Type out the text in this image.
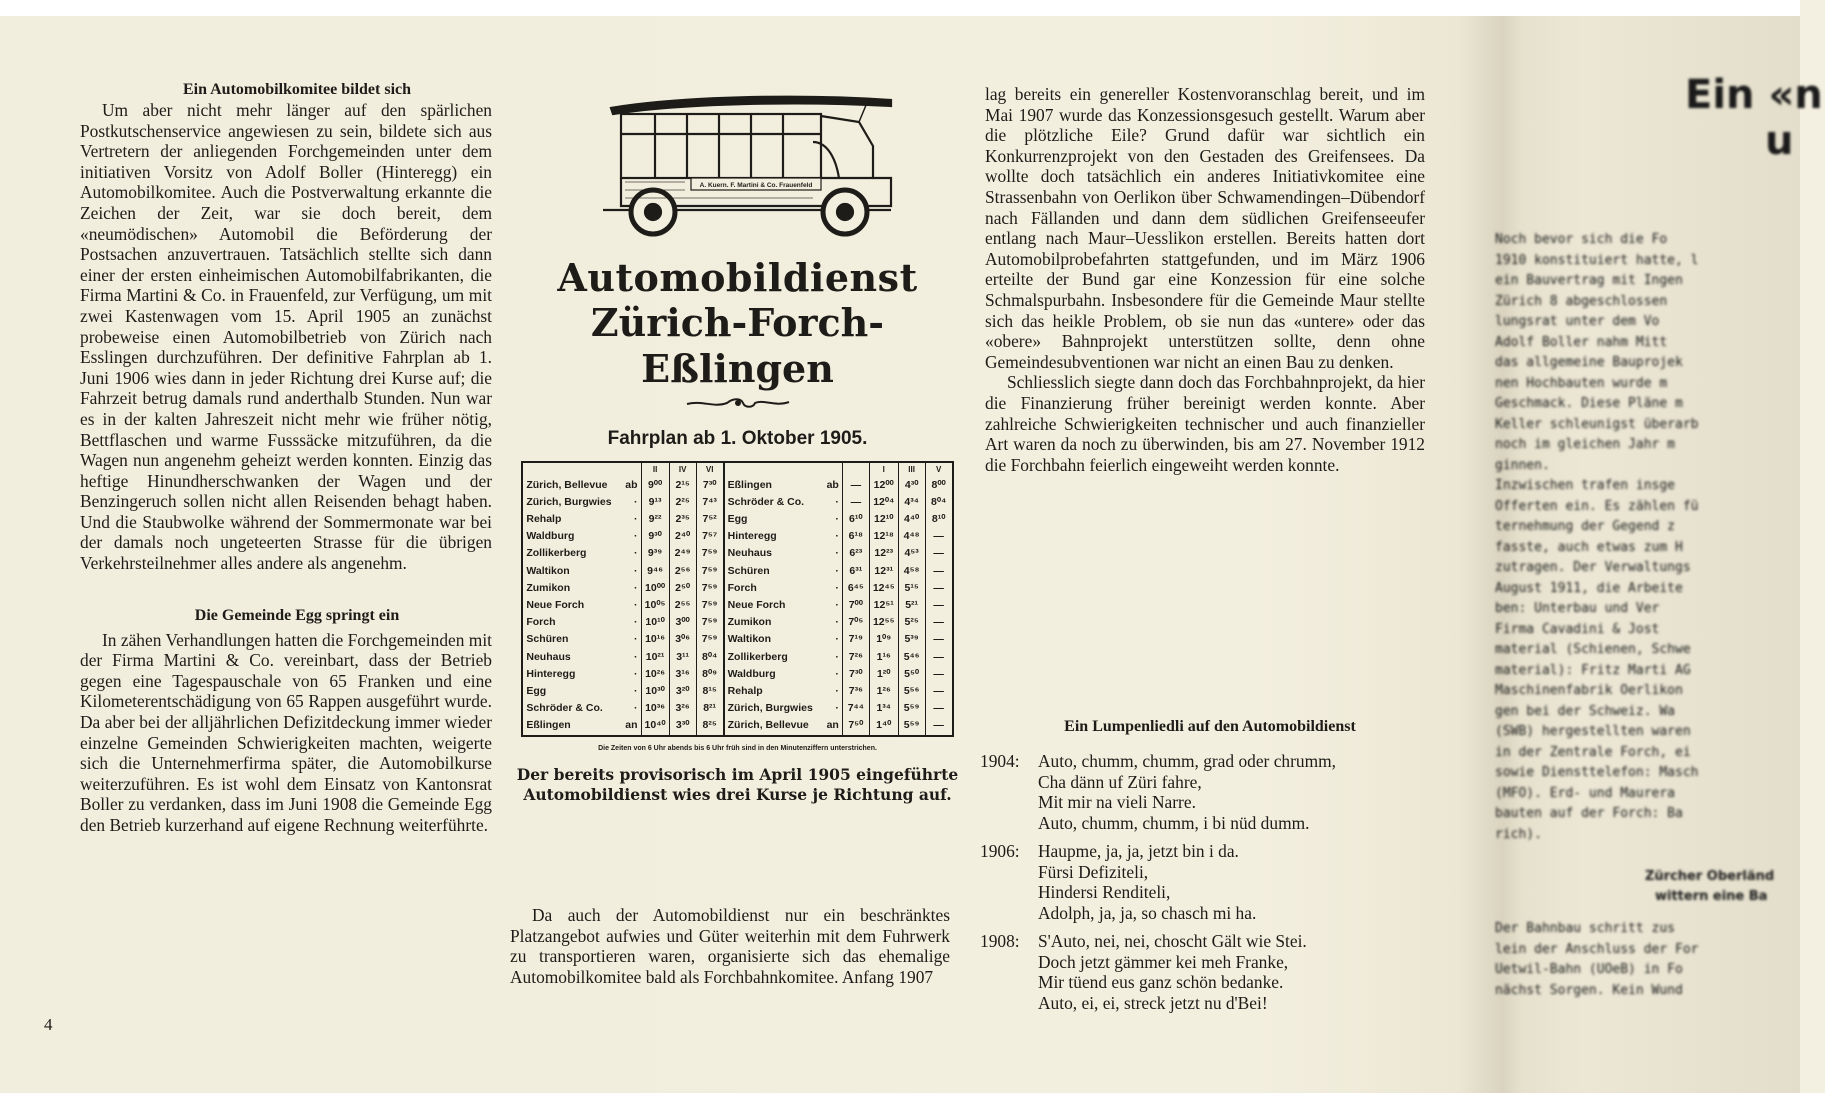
Ein Automobilkomitee bildet sich

Um aber nicht mehr länger auf den spärlichen Postkutschenservice angewiesen zu sein, bildete sich aus Vertretern der anliegenden Forchgemeinden unter dem initiativen Vorsitz von Adolf Boller (Hinteregg) ein Automobilkomitee. Auch die Postverwaltung erkannte die Zeichen der Zeit, war sie doch bereit, dem «neumödischen» Automobil die Beförderung der Postsachen anzuvertrauen. Tatsächlich stellte sich dann einer der ersten einheimischen Automobilfabrikanten, die Firma Martini & Co. in Frauenfeld, zur Verfügung, um mit zwei Kastenwagen vom 15. April 1905 an zunächst probeweise einen Automobilbetrieb von Zürich nach Esslingen durchzuführen. Der definitive Fahrplan ab 1. Juni 1906 wies dann in jeder Richtung drei Kurse auf; die Fahrzeit betrug damals rund anderthalb Stunden. Nun war es in der kalten Jahreszeit nicht mehr wie früher nötig, Bettflaschen und warme Fusssäcke mitzuführen, da die Wagen nun angenehm geheizt werden konnten. Einzig das heftige Hinundherschwanken der Wagen und der Benzingeruch sollen nicht allen Reisenden behagt haben. Und die Staubwolke während der Sommermonate war bei der damals noch ungeteerten Strasse für die übrigen Verkehrsteilnehmer alles andere als angenehm.

Die Gemeinde Egg springt ein

In zähen Verhandlungen hatten die Forchgemeinden mit der Firma Martini & Co. vereinbart, dass der Betrieb gegen eine Tagespauschale von 65 Franken und eine Kilometerentschädigung von 65 Rappen ausgeführt wurde. Da aber bei der alljährlichen Defizitdeckung immer wieder einzelne Gemeinden Schwierigkeiten machten, weigerte sich die Unternehmerfirma später, die Automobilkurse weiterzuführen. Es ist wohl dem Einsatz von Kantonsrat Boller zu verdanken, dass im Juni 1908 die Gemeinde Egg den Betrieb kurzerhand auf eigene Rechnung weiterführte.

4
A. Kuern. F. Martini & Co. Frauenfeld
Automobildienst
Zürich-Forch-Eßlingen
Fahrplan ab 1. Oktober 1905.
		II	IV	VI				I	III	V
Zürich, Bellevue	ab	9⁰⁰	2¹⁵	7³⁰	Eßlingen	ab	—	12⁰⁰	4³⁰	8⁰⁰
Zürich, Burgwies	·	9¹³	2²⁵	7⁴³	Schröder & Co.	·	—	12⁰⁴	4³⁴	8⁰⁴
Rehalp	·	9²²	2³⁵	7⁵²	Egg	·	6¹⁰	12¹⁰	4⁴⁰	8¹⁰
Waldburg	·	9³⁰	2⁴⁰	7⁵⁷	Hinteregg	·	6¹⁸	12¹⁸	4⁴⁸	—
Zollikerberg	·	9³⁹	2⁴⁹	7⁵⁹	Neuhaus	·	6²³	12²³	4⁵³	—
Waltikon	·	9⁴⁶	2⁵⁶	7⁵⁹	Schüren	·	6³¹	12³¹	4⁵⁸	—
Zumikon	·	10⁰⁰	2⁵⁰	7⁵⁹	Forch	·	6⁴⁵	12⁴⁵	5¹⁵	—
Neue Forch	·	10⁰⁵	2⁵⁵	7⁵⁹	Neue Forch	·	7⁰⁰	12⁵¹	5²¹	—
Forch	·	10¹⁰	3⁰⁰	7⁵⁹	Zumikon	·	7⁰⁵	12⁵⁵	5²⁵	—
Schüren	·	10¹⁶	3⁰⁶	7⁵⁹	Waltikon	·	7¹⁹	1⁰⁹	5³⁹	—
Neuhaus	·	10²¹	3¹¹	8⁰⁴	Zollikerberg	·	7²⁶	1¹⁶	5⁴⁶	—
Hinteregg	·	10²⁶	3¹⁶	8⁰⁹	Waldburg	·	7³⁰	1²⁰	5⁵⁰	—
Egg	·	10³⁰	3²⁰	8¹⁵	Rehalp	·	7³⁶	1²⁶	5⁵⁶	—
Schröder & Co.	·	10³⁶	3²⁶	8²¹	Zürich, Burgwies	·	7⁴⁴	1³⁴	5⁵⁹	—
Eßlingen	an	10⁴⁰	3³⁰	8²⁵	Zürich, Bellevue	an	7⁵⁰	1⁴⁰	5⁵⁹	—
Die Zeiten von 6 Uhr abends bis 6 Uhr früh sind in den Minutenziffern unterstrichen.
Der bereits provisorisch im April 1905 eingeführte Automobildienst wies drei Kurse je Richtung auf.

Da auch der Automobildienst nur ein beschränktes Platzangebot aufwies und Güter weiterhin mit dem Fuhrwerk zu transportieren waren, organisierte sich das ehemalige Automobilkomitee bald als Forchbahnkomitee. Anfang 1907

lag bereits ein genereller Kostenvoranschlag bereit, und im Mai 1907 wurde das Konzessionsgesuch gestellt. Warum aber die plötzliche Eile? Grund dafür war sichtlich ein Konkurrenzprojekt von den Gestaden des Greifensees. Da wollte doch tatsächlich ein anderes Initiativkomitee eine Strassenbahn von Oerlikon über Schwamendingen–Dübendorf nach Fällanden und dann dem südlichen Greifenseeufer entlang nach Maur–Uesslikon erstellen. Bereits hatten dort Automobilprobefahrten stattgefunden, und im März 1906 erteilte der Bund gar eine Konzession für eine solche Schmalspurbahn. Insbesondere für die Gemeinde Maur stellte sich das heikle Problem, ob sie nun das «untere» oder das «obere» Bahnprojekt unterstützen sollte, denn ohne Gemeindesubventionen war nicht an einen Bau zu denken.

Schliesslich siegte dann doch das Forchbahnprojekt, da hier die Finanzierung früher bereinigt werden konnte. Aber zahlreiche Schwierigkeiten technischer und auch finanzieller Art waren da noch zu überwinden, bis am 27. November 1912 die Forchbahn feierlich eingeweiht werden konnte.

Ein Lumpenliedli auf den Automobildienst

1904:	Auto, chumm, chumm, grad oder chrumm,
Cha dänn uf Züri fahre,
Mit mir na vieli Narre.
Auto, chumm, chumm, i bi nüd dumm.
1906:	Haupme, ja, ja, jetzt bin i da.
Fürsi Defiziteli,
Hindersi Renditeli,
Adolph, ja, ja, so chasch mi ha.
1908:	S'Auto, nei, nei, choscht Gält wie Stei.
Doch jetzt gämmer kei meh Franke,
Mir tüend eus ganz schön bedanke.
Auto, ei, ei, streck jetzt nu d'Bei!
Ein «n
u
Noch bevor sich die Fo
1910 konstituiert hatte, l
ein Bauvertrag mit Ingen
Zürich 8 abgeschlossen
lungsrat unter dem Vo
Adolf Boller nahm Mitt
das allgemeine Bauprojek
nen Hochbauten wurde m
Geschmack. Diese Pläne m
Keller schleunigst überarb
noch im gleichen Jahr m
ginnen.
Inzwischen trafen insge
Offerten ein. Es zählen fü
ternehmung der Gegend z
fasste, auch etwas zum H
zutragen. Der Verwaltungs
August 1911, die Arbeite
ben: Unterbau und Ver
Firma Cavadini & Jost
material (Schienen, Schwe
material): Fritz Marti AG
Maschinenfabrik Oerlikon
gen bei der Schweiz. Wa
(SWB) hergestellten waren
in der Zentrale Forch, ei
sowie Diensttelefon: Masch
(MFO). Erd- und Maurera
bauten auf der Forch: Ba
rich).
Zürcher Oberländ
wittern eine Ba
Der Bahnbau schritt zus
lein der Anschluss der For
Uetwil-Bahn (UOeB) in Fo
nächst Sorgen. Kein Wund
